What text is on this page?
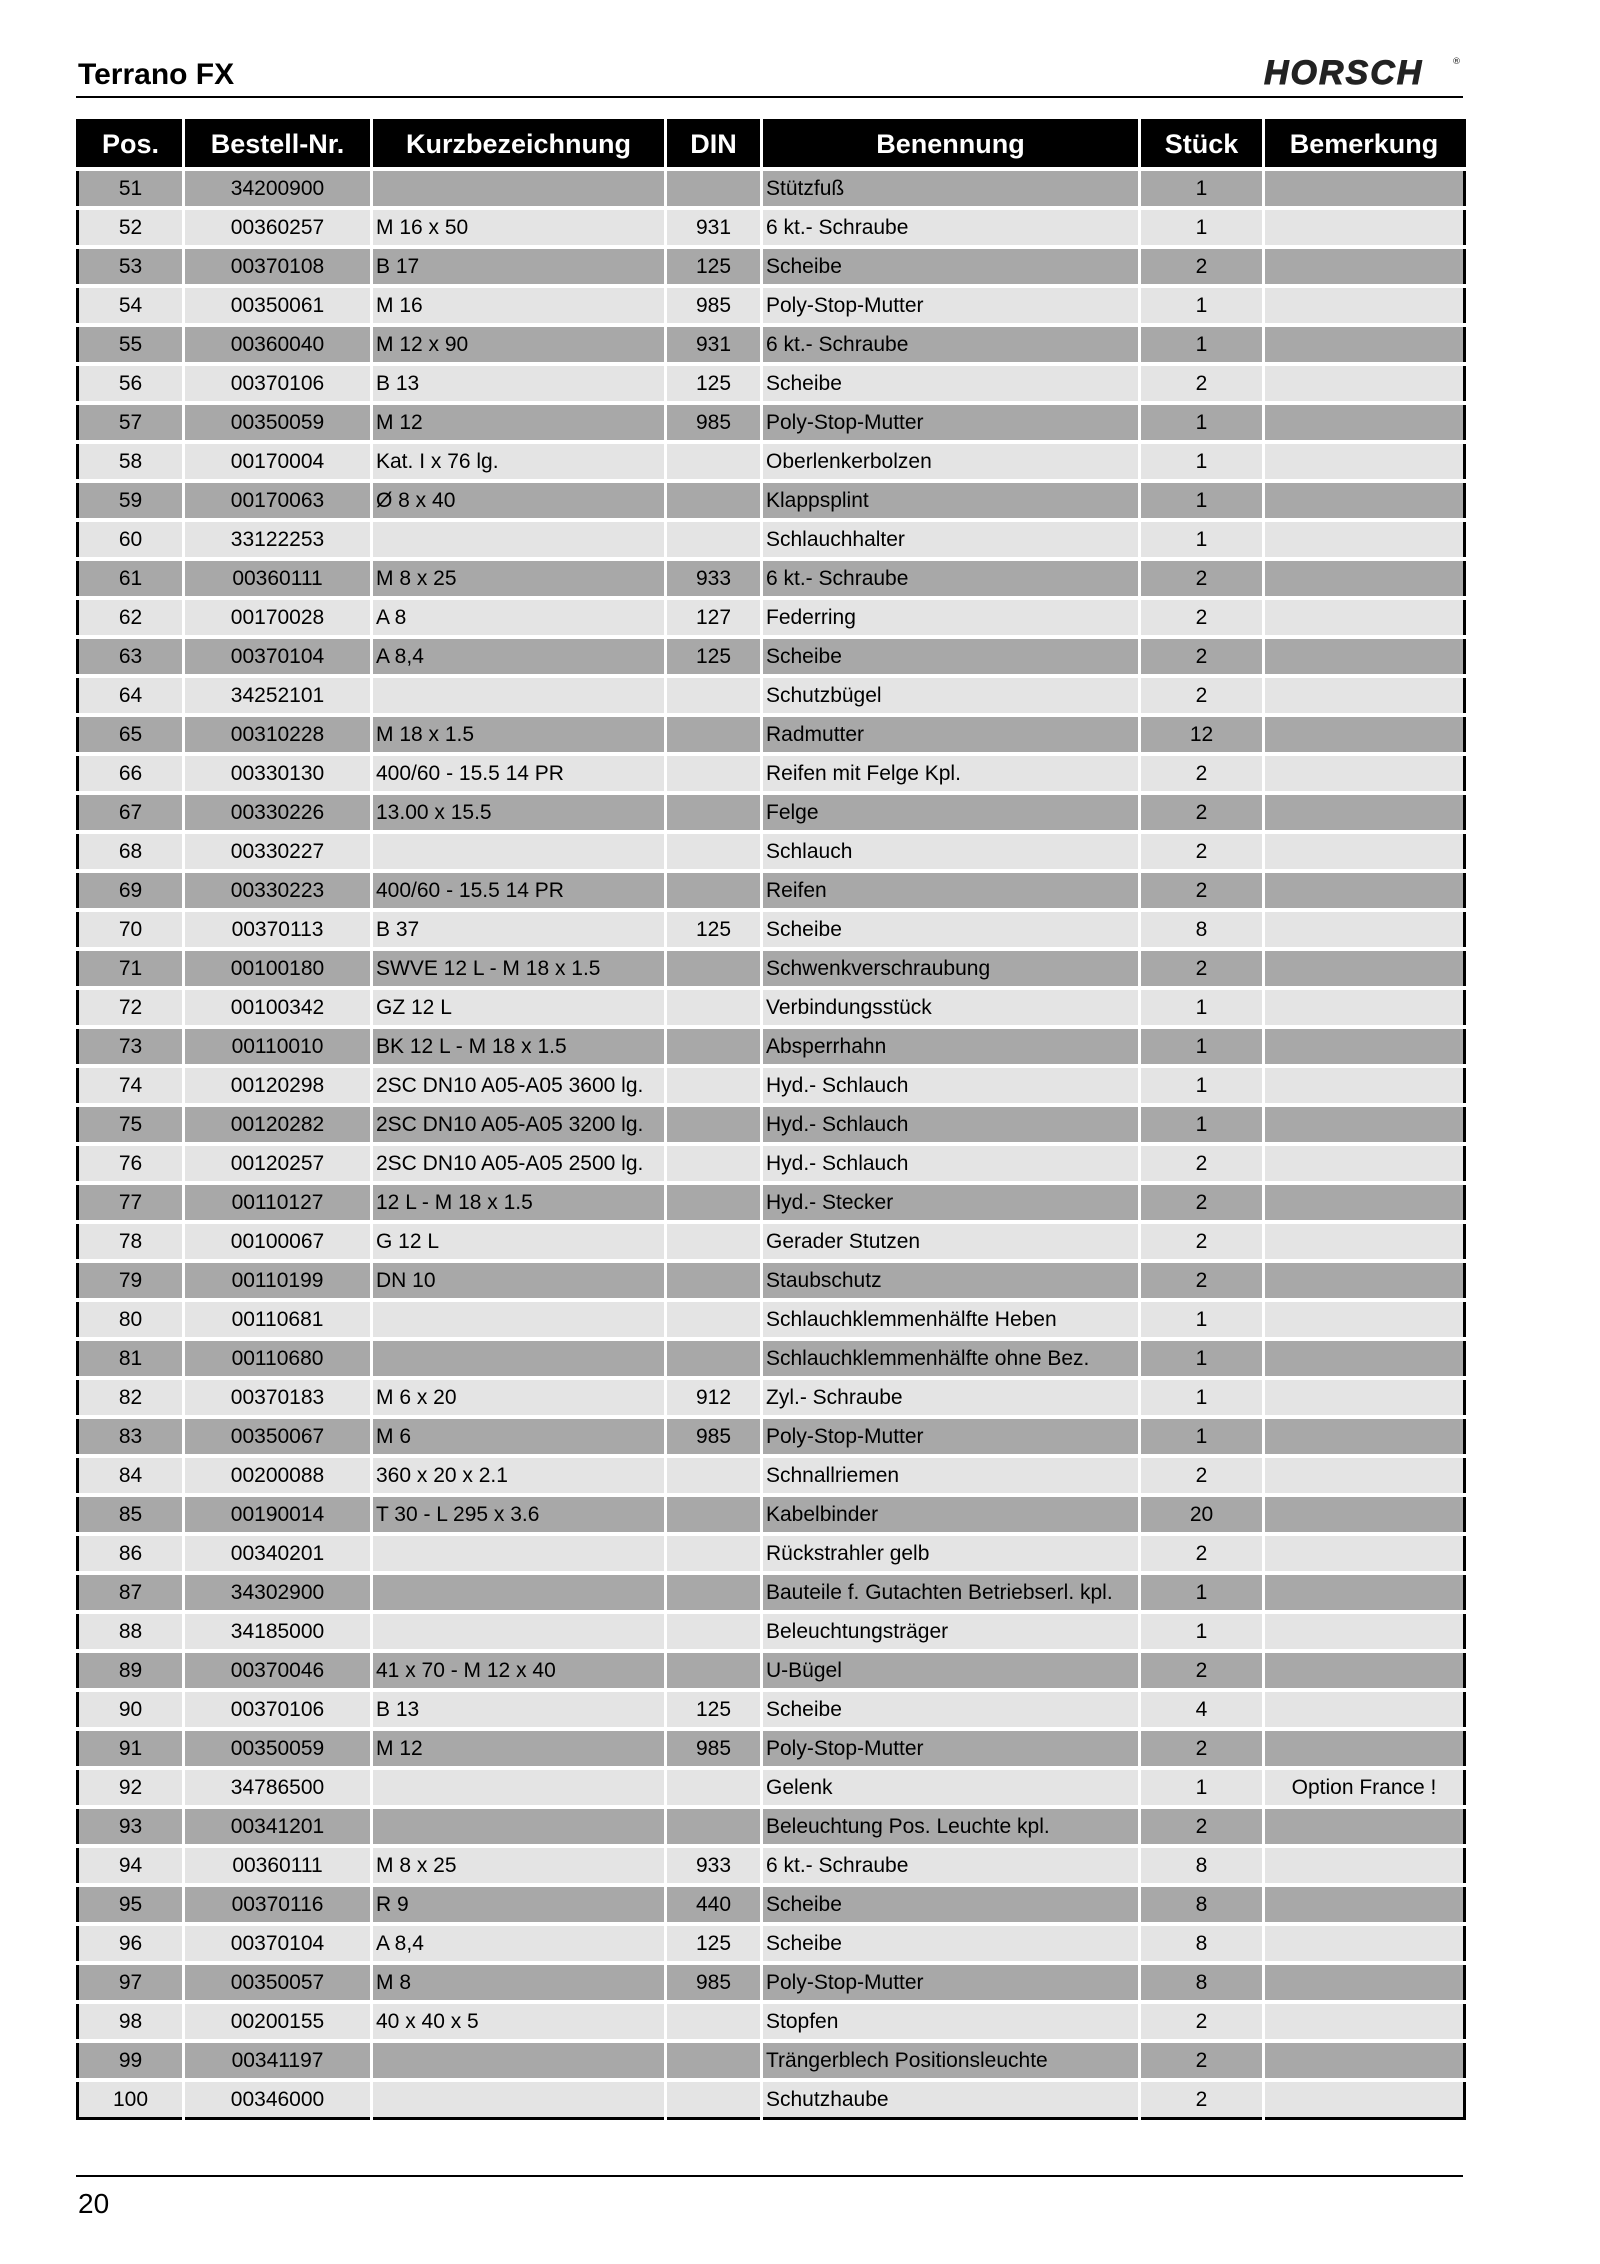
Terrano FX	HORSCH	®
Pos.	Bestell-Nr.	Kurzbezeichnung	DIN	Benennung	Stück	Bemerkung
51	34200900			Stützfuß	1	
52	00360257	M 16 x 50	931	6 kt.- Schraube	1	
53	00370108	B 17	125	Scheibe	2	
54	00350061	M 16	985	Poly-Stop-Mutter	1	
55	00360040	M 12 x 90	931	6 kt.- Schraube	1	
56	00370106	B 13	125	Scheibe	2	
57	00350059	M 12	985	Poly-Stop-Mutter	1	
58	00170004	Kat. I x 76 lg.		Oberlenkerbolzen	1	
59	00170063	Ø 8 x 40		Klappsplint	1	
60	33122253			Schlauchhalter	1	
61	00360111	M 8 x 25	933	6 kt.- Schraube	2	
62	00170028	A 8	127	Federring	2	
63	00370104	A 8,4	125	Scheibe	2	
64	34252101			Schutzbügel	2	
65	00310228	M 18 x 1.5		Radmutter	12	
66	00330130	400/60 - 15.5 14 PR		Reifen mit Felge Kpl.	2	
67	00330226	13.00 x 15.5		Felge	2	
68	00330227			Schlauch	2	
69	00330223	400/60 - 15.5 14 PR		Reifen	2	
70	00370113	B 37	125	Scheibe	8	
71	00100180	SWVE 12 L - M 18 x 1.5		Schwenkverschraubung	2	
72	00100342	GZ 12 L		Verbindungsstück	1	
73	00110010	BK 12 L - M 18 x 1.5		Absperrhahn	1	
74	00120298	2SC DN10 A05-A05 3600 lg.		Hyd.- Schlauch	1	
75	00120282	2SC DN10 A05-A05 3200 lg.		Hyd.- Schlauch	1	
76	00120257	2SC DN10 A05-A05 2500 lg.		Hyd.- Schlauch	2	
77	00110127	12 L - M 18 x 1.5		Hyd.- Stecker	2	
78	00100067	G 12 L		Gerader Stutzen	2	
79	00110199	DN 10		Staubschutz	2	
80	00110681			Schlauchklemmenhälfte Heben	1	
81	00110680			Schlauchklemmenhälfte ohne Bez.	1	
82	00370183	M 6 x 20	912	Zyl.- Schraube	1	
83	00350067	M 6	985	Poly-Stop-Mutter	1	
84	00200088	360 x 20 x 2.1		Schnallriemen	2	
85	00190014	T 30 - L 295 x 3.6		Kabelbinder	20	
86	00340201			Rückstrahler gelb	2	
87	34302900			Bauteile f. Gutachten Betriebserl. kpl.	1	
88	34185000			Beleuchtungsträger	1	
89	00370046	41 x 70 - M 12 x 40		U-Bügel	2	
90	00370106	B 13	125	Scheibe	4	
91	00350059	M 12	985	Poly-Stop-Mutter	2	
92	34786500			Gelenk	1	Option France !
93	00341201			Beleuchtung Pos. Leuchte kpl.	2	
94	00360111	M 8 x 25	933	6 kt.- Schraube	8	
95	00370116	R 9	440	Scheibe	8	
96	00370104	A 8,4	125	Scheibe	8	
97	00350057	M 8	985	Poly-Stop-Mutter	8	
98	00200155	40 x 40 x 5		Stopfen	2	
99	00341197			Trängerblech Positionsleuchte	2	
100	00346000			Schutzhaube	2	
20
